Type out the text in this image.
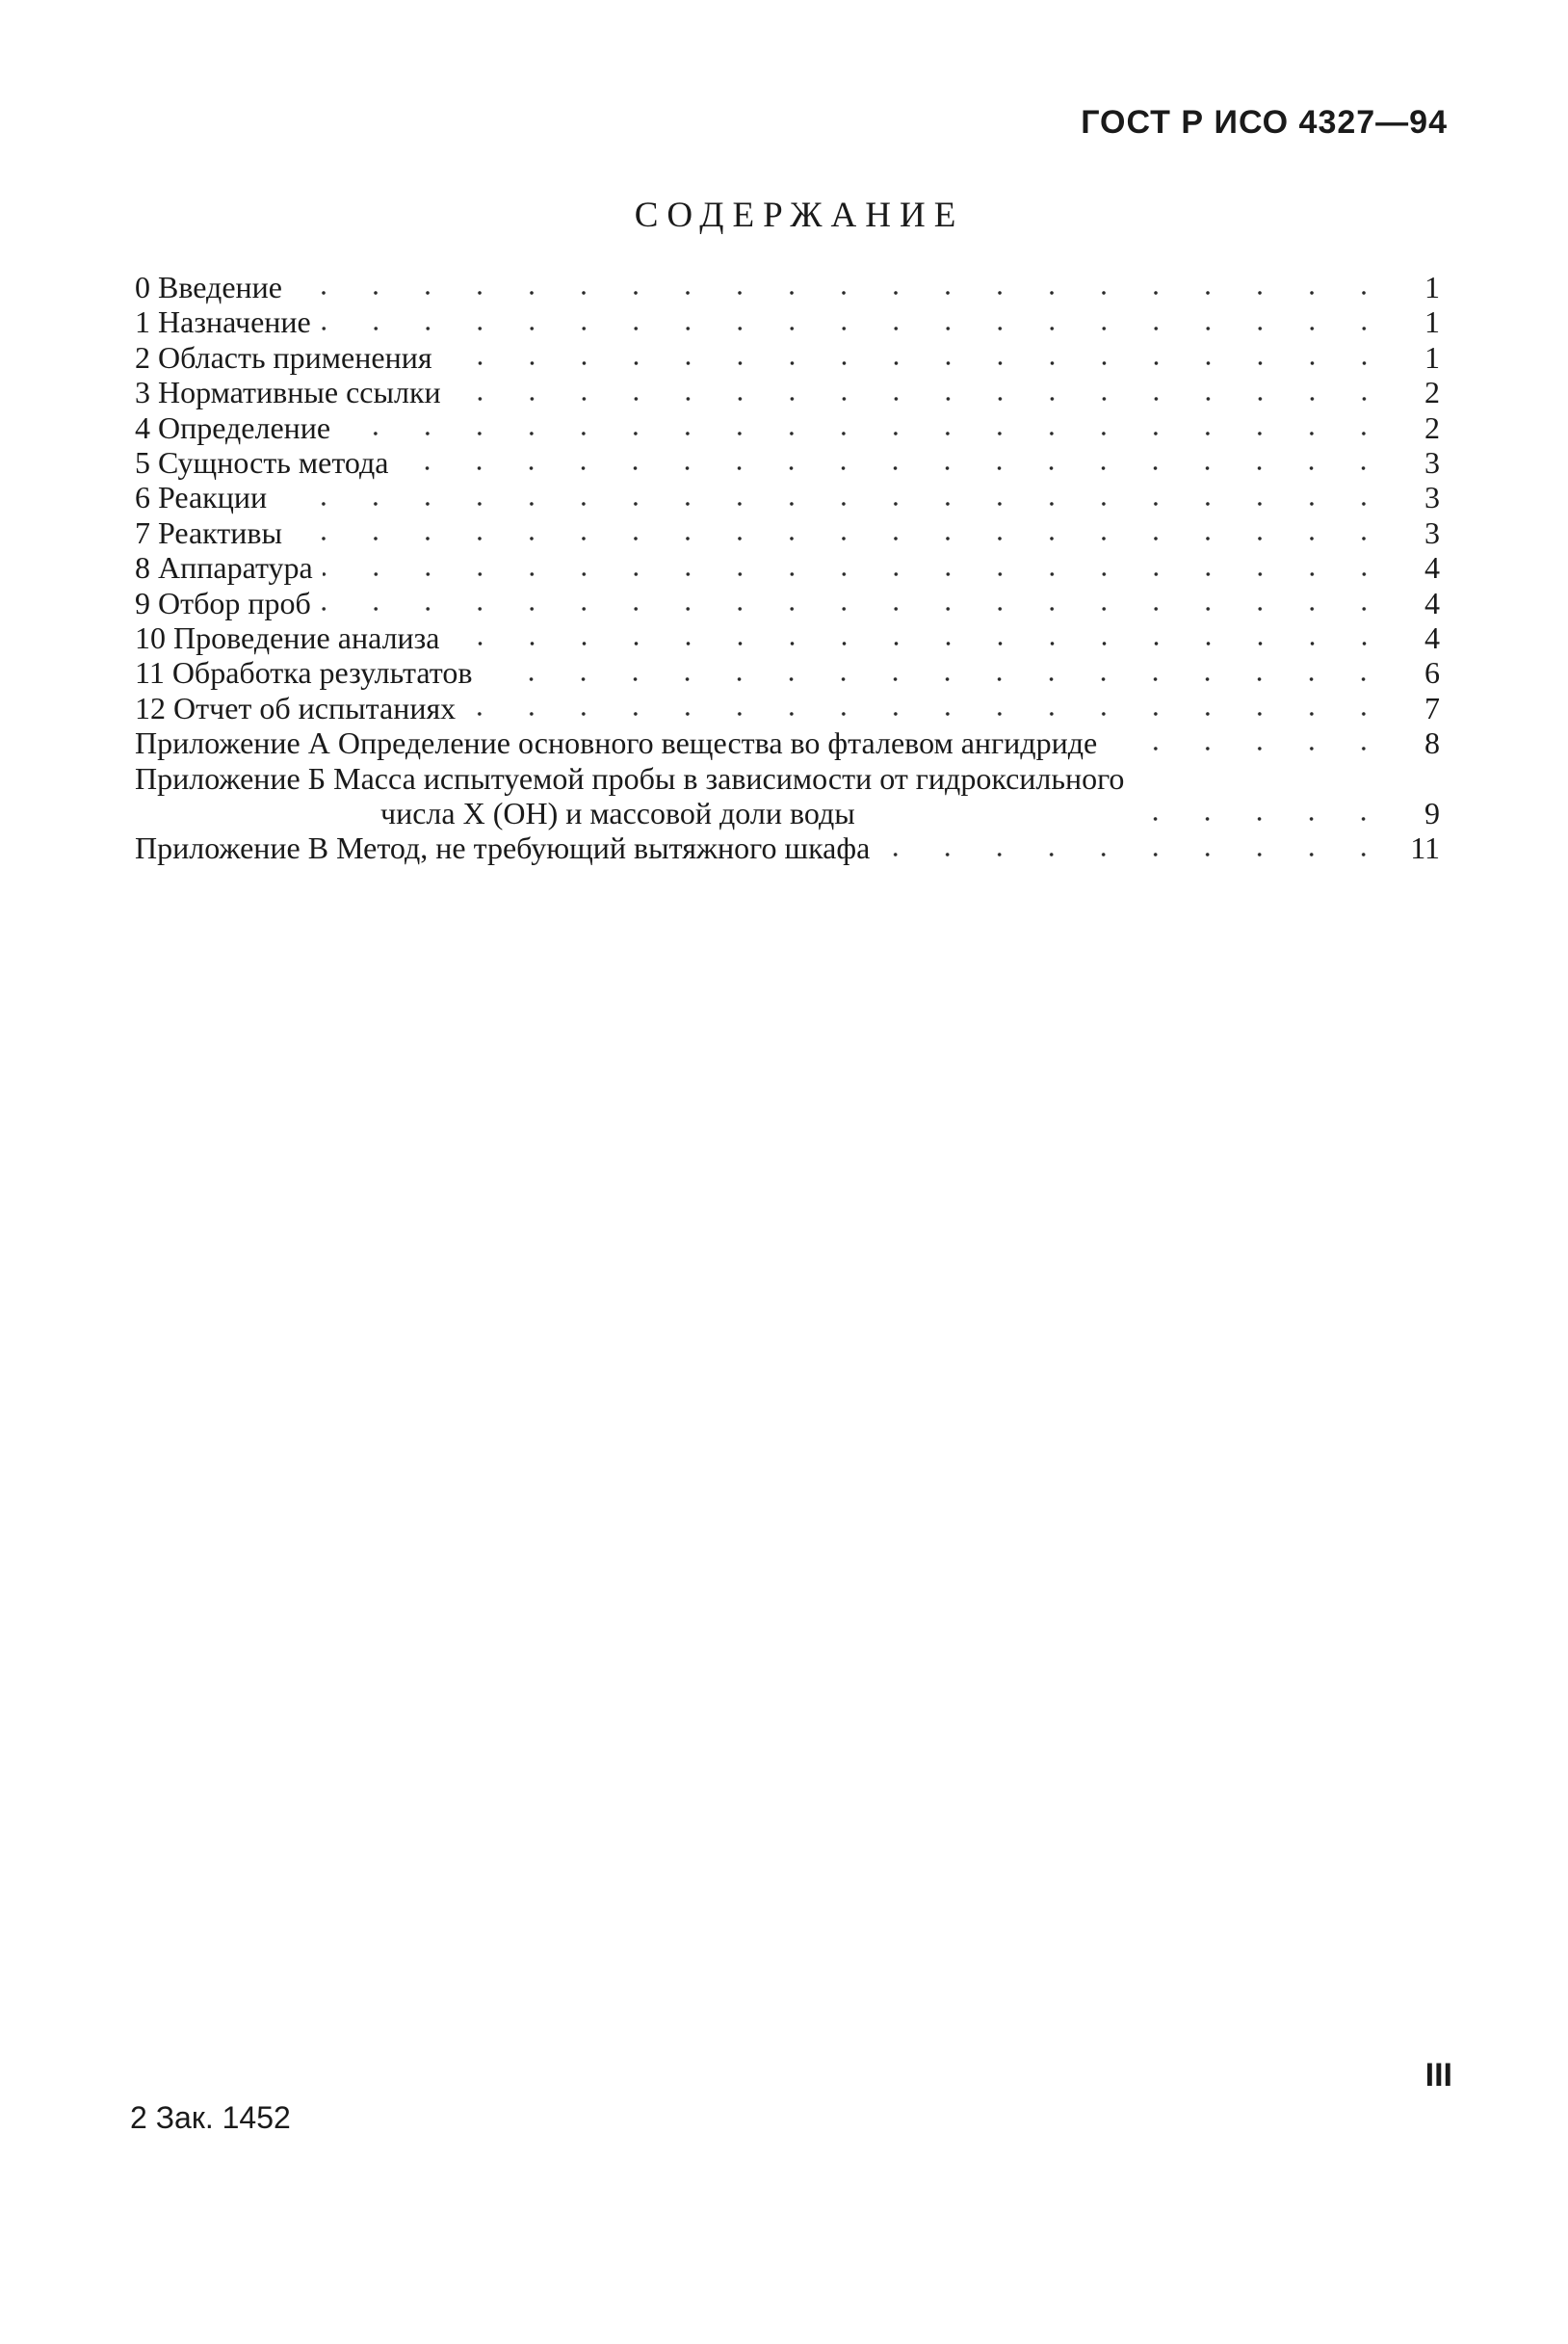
ГОСТ Р ИСО 4327—94
СОДЕРЖАНИЕ
0 Введение	1
1 Назначение	1
2 Область применения	1
3 Нормативные ссылки	2
4 Определение	2
5 Сущность метода	3
6 Реакции	3
7 Реактивы	3
8 Аппаратура	4
9 Отбор проб	4
10 Проведение анализа	4
11 Обработка результатов	6
12 Отчет об испытаниях	7
Приложение А Определение основного вещества во фталевом ангидриде	8
Приложение Б Масса испытуемой пробы в зависимости от гидроксильного
числа X (OH) и массовой доли воды	9
Приложение В Метод, не требующий вытяжного шкафа	11
III
2 Зак. 1452
